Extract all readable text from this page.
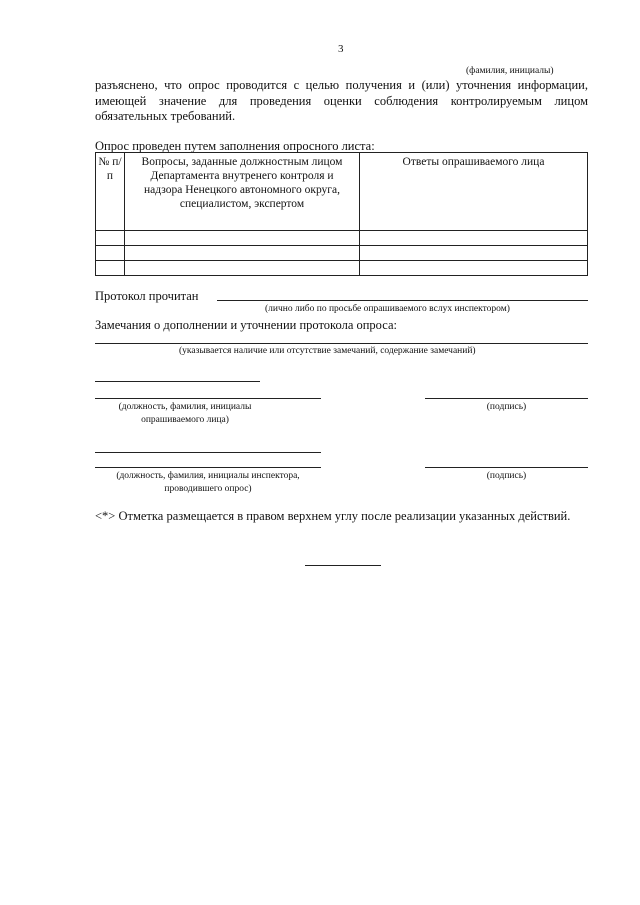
3
(фамилия, инициалы)
разъяснено, что опрос проводится с целью получения и (или) уточнения информации,
имеющей значение для проведения оценки соблюдения контролируемым лицом
обязательных требований.
Опрос проведен путем заполнения опросного листа:
№ п/п	Вопросы, заданные должностным лицом Департамента внутренего контроля и надзора Ненецкого автономного округа, специалистом, экспертом	Ответы опрашиваемого лица

Протокол прочитан
(лично либо по просьбе опрашиваемого вслух инспектором)
Замечания о дополнении и уточнении протокола опроса:
(указывается наличие или отсутствие замечаний, содержание замечаний)
(должность, фамилия, инициалы
опрашиваемого лица)
(подпись)
(должность, фамилия, инициалы инспектора,
проводившего опрос)
(подпись)
<*> Отметка размещается в правом верхнем углу после реализации указанных действий.
